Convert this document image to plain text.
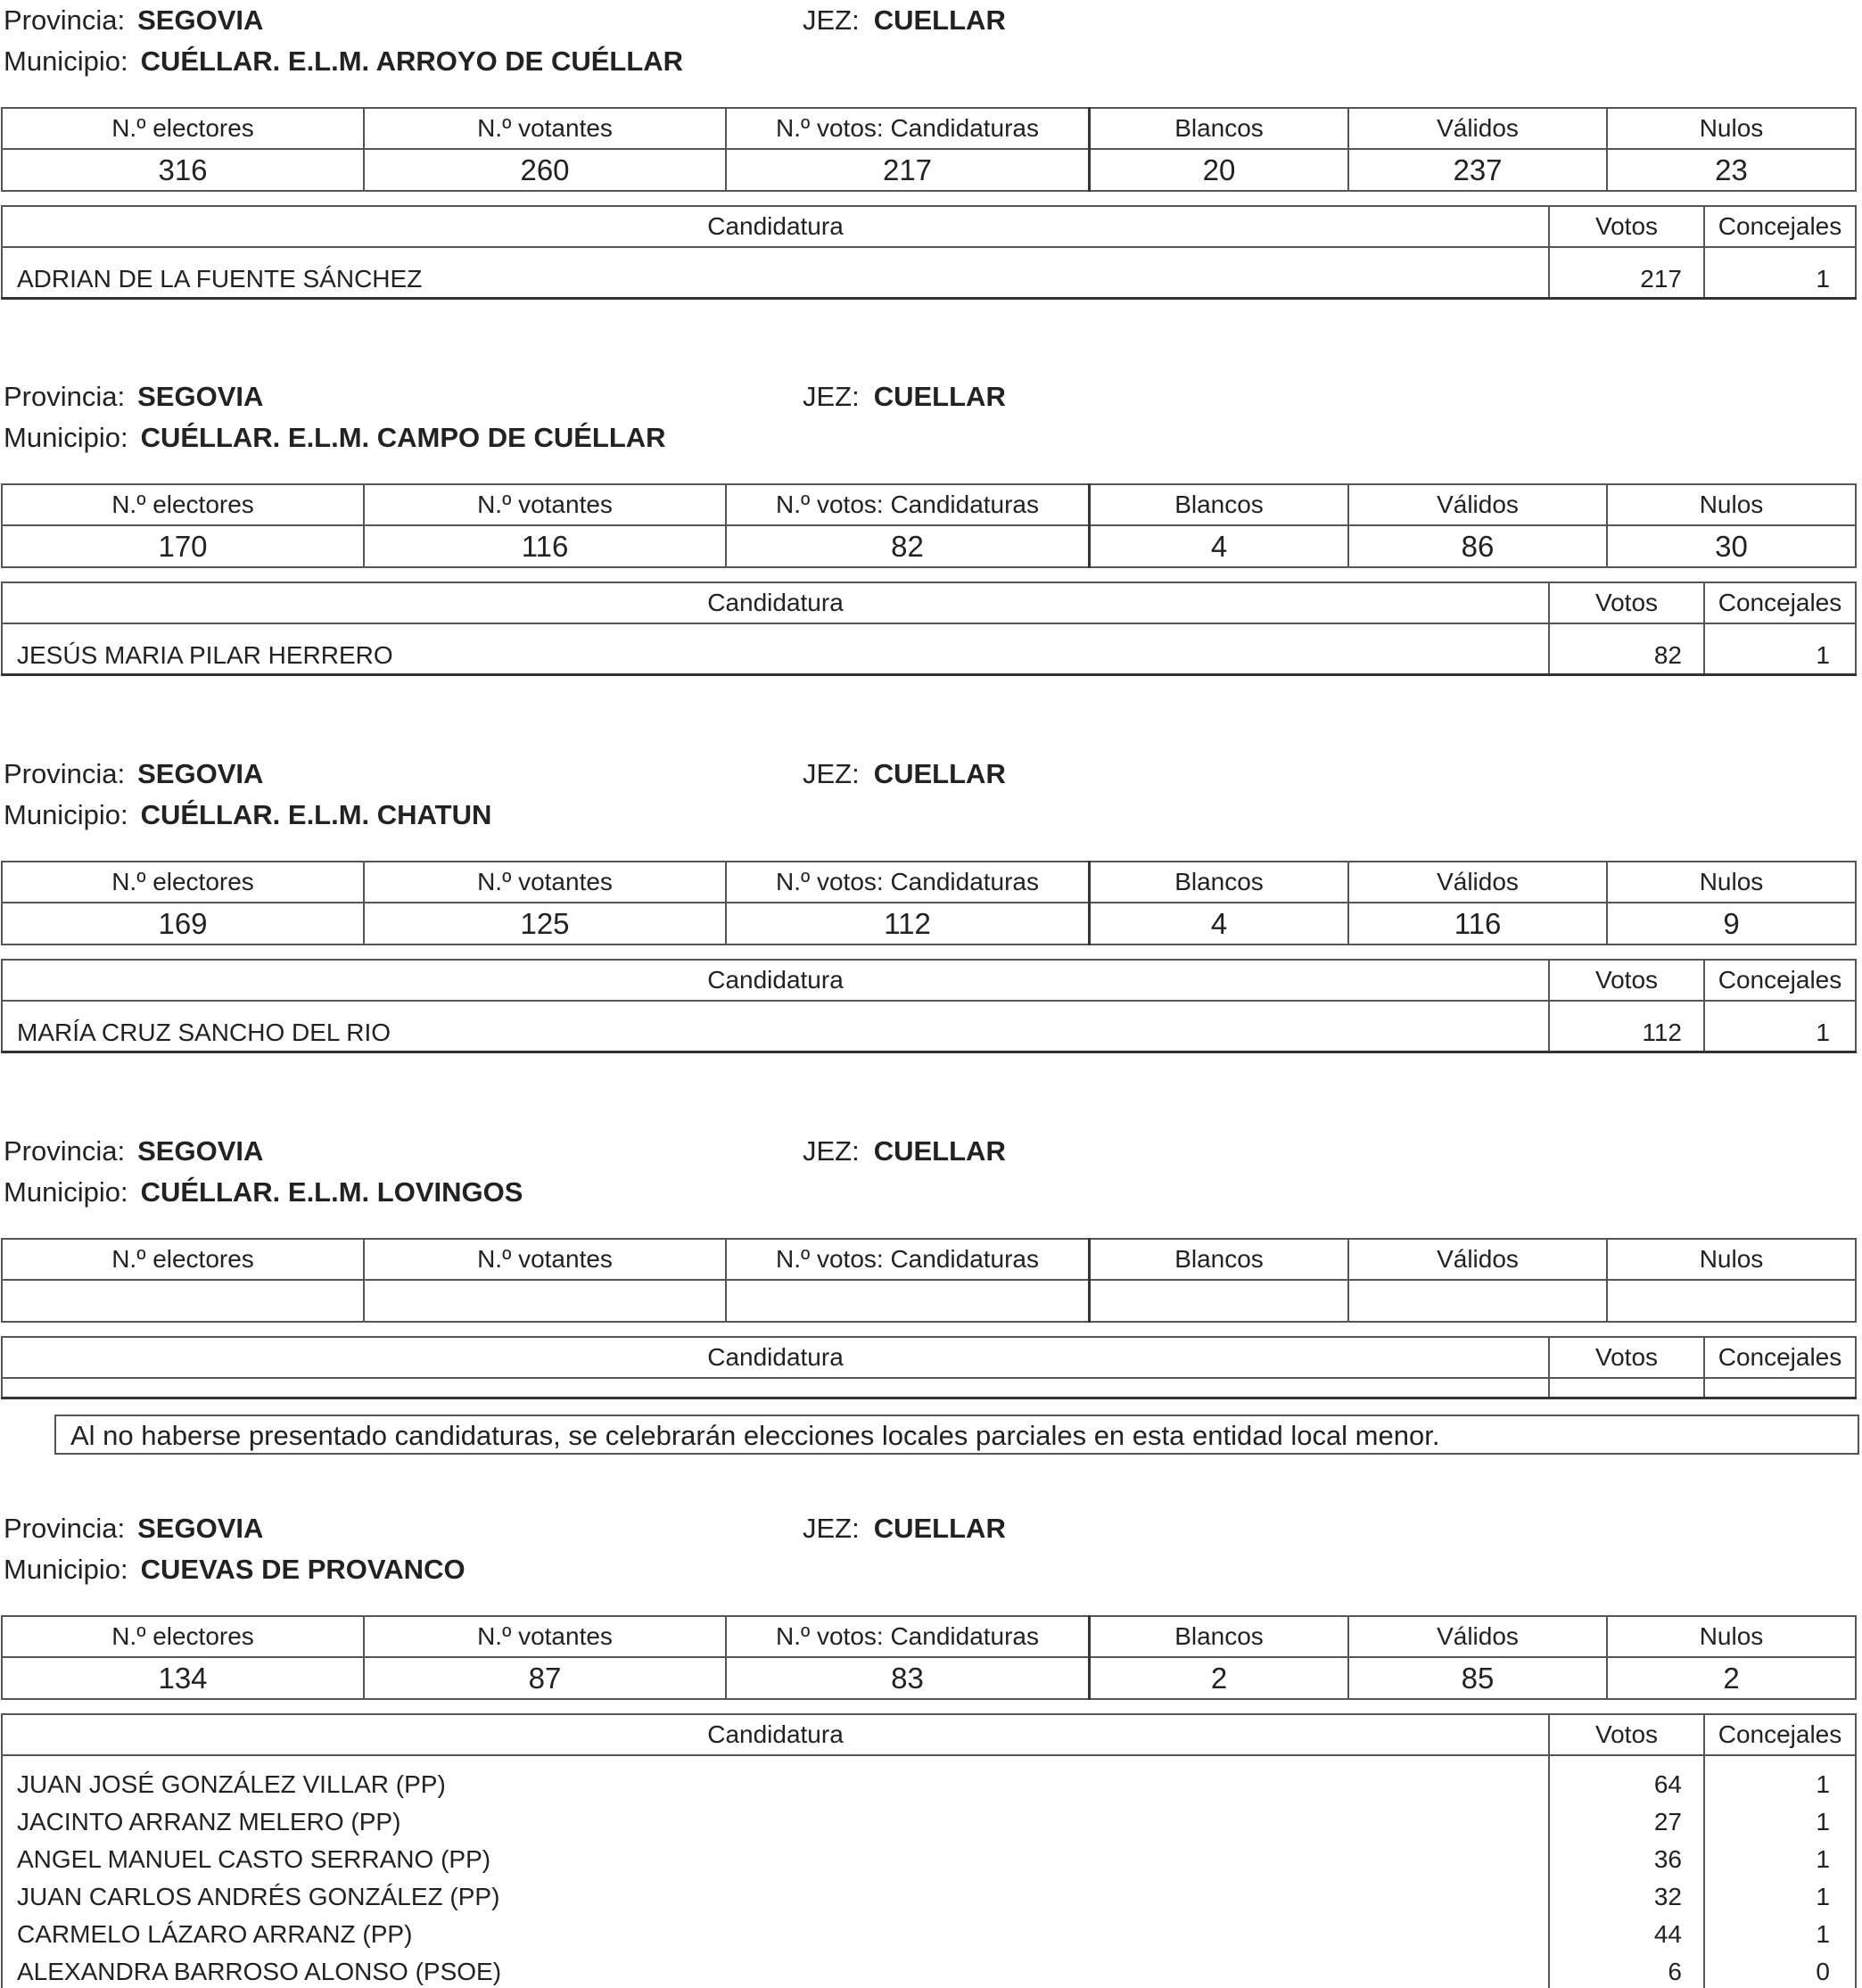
Provincia: SEGOVIA	JEZ: CUELLAR
Municipio: CUÉLLAR. E.L.M. ARROYO DE CUÉLLAR
N.º electores	N.º votantes	N.º votos: Candidaturas	Blancos	Válidos	Nulos
316	260	217	20	237	23
Candidatura	Votos	Concejales
ADRIAN DE LA FUENTE SÁNCHEZ	217	1
Provincia: SEGOVIA	JEZ: CUELLAR
Municipio: CUÉLLAR. E.L.M. CAMPO DE CUÉLLAR
N.º electores	N.º votantes	N.º votos: Candidaturas	Blancos	Válidos	Nulos
170	116	82	4	86	30
Candidatura	Votos	Concejales
JESÚS MARIA PILAR HERRERO	82	1
Provincia: SEGOVIA	JEZ: CUELLAR
Municipio: CUÉLLAR. E.L.M. CHATUN
N.º electores	N.º votantes	N.º votos: Candidaturas	Blancos	Válidos	Nulos
169	125	112	4	116	9
Candidatura	Votos	Concejales
MARÍA CRUZ SANCHO DEL RIO	112	1
Provincia: SEGOVIA	JEZ: CUELLAR
Municipio: CUÉLLAR. E.L.M. LOVINGOS
N.º electores	N.º votantes	N.º votos: Candidaturas	Blancos	Válidos	Nulos

Candidatura	Votos	Concejales

Al no haberse presentado candidaturas, se celebrarán elecciones locales parciales en esta entidad local menor.
Provincia: SEGOVIA	JEZ: CUELLAR
Municipio: CUEVAS DE PROVANCO
N.º electores	N.º votantes	N.º votos: Candidaturas	Blancos	Válidos	Nulos
134	87	83	2	85	2
Candidatura	Votos	Concejales
JUAN JOSÉ GONZÁLEZ VILLAR (PP)	64	1
JACINTO ARRANZ MELERO (PP)	27	1
ANGEL MANUEL CASTO SERRANO (PP)	36	1
JUAN CARLOS ANDRÉS GONZÁLEZ (PP)	32	1
CARMELO LÁZARO ARRANZ (PP)	44	1
ALEXANDRA BARROSO ALONSO (PSOE)	6	0
